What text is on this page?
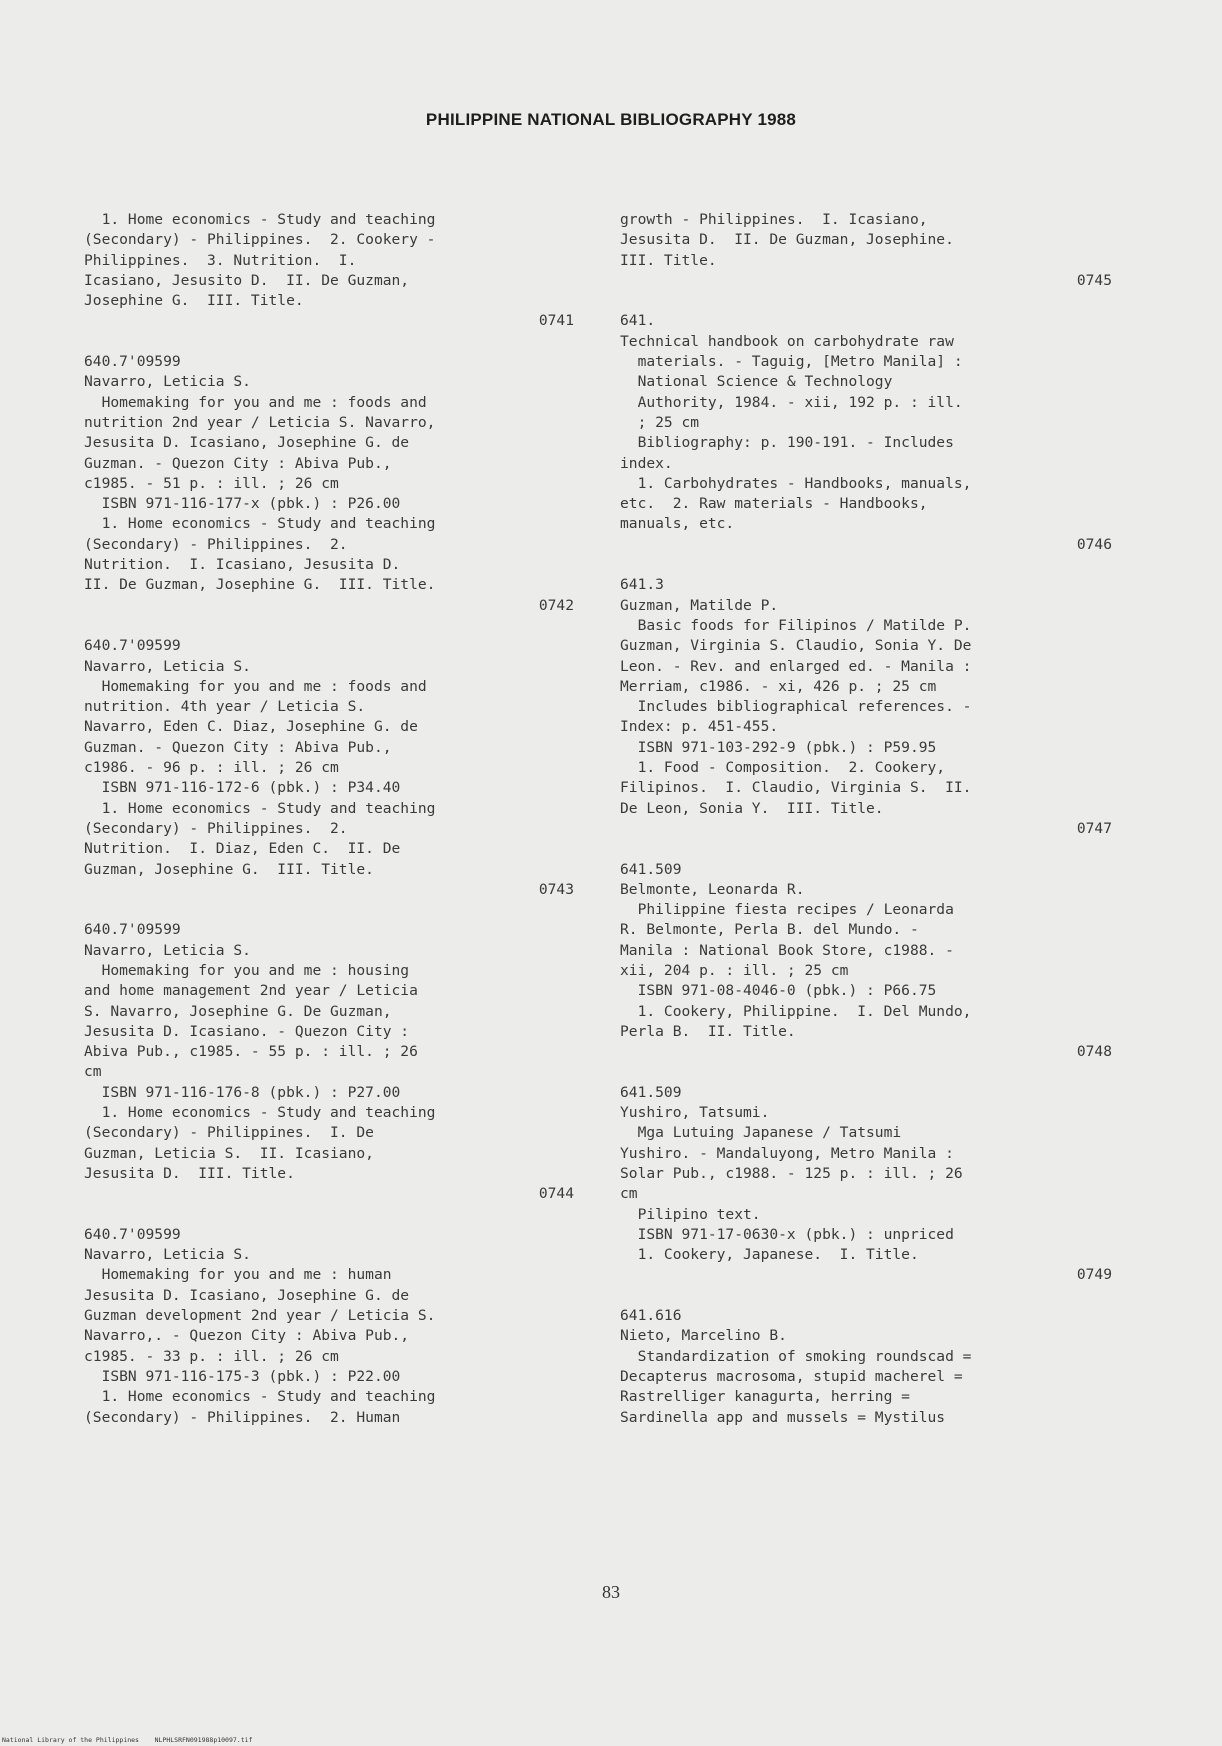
PHILIPPINE NATIONAL BIBLIOGRAPHY 1988
1. Home economics - Study and teaching
(Secondary) - Philippines.  2. Cookery -
Philippines.  3. Nutrition.  I.
Icasiano, Jesusito D.  II. De Guzman,
Josephine G.  III. Title.
0741
640.7'09599
Navarro, Leticia S.
Homemaking for you and me : foods and
nutrition 2nd year / Leticia S. Navarro,
Jesusita D. Icasiano, Josephine G. de
Guzman. - Quezon City : Abiva Pub.,
c1985. - 51 p. : ill. ; 26 cm
ISBN 971-116-177-x (pbk.) : P26.00
1. Home economics - Study and teaching
(Secondary) - Philippines.  2.
Nutrition.  I. Icasiano, Jesusita D.
II. De Guzman, Josephine G.  III. Title.
0742
640.7'09599
Navarro, Leticia S.
Homemaking for you and me : foods and
nutrition. 4th year / Leticia S.
Navarro, Eden C. Diaz, Josephine G. de
Guzman. - Quezon City : Abiva Pub.,
c1986. - 96 p. : ill. ; 26 cm
ISBN 971-116-172-6 (pbk.) : P34.40
1. Home economics - Study and teaching
(Secondary) - Philippines.  2.
Nutrition.  I. Diaz, Eden C.  II. De
Guzman, Josephine G.  III. Title.
0743
640.7'09599
Navarro, Leticia S.
Homemaking for you and me : housing
and home management 2nd year / Leticia
S. Navarro, Josephine G. De Guzman,
Jesusita D. Icasiano. - Quezon City :
Abiva Pub., c1985. - 55 p. : ill. ; 26
cm
ISBN 971-116-176-8 (pbk.) : P27.00
1. Home economics - Study and teaching
(Secondary) - Philippines.  I. De
Guzman, Leticia S.  II. Icasiano,
Jesusita D.  III. Title.
0744
640.7'09599
Navarro, Leticia S.
Homemaking for you and me : human
Jesusita D. Icasiano, Josephine G. de
Guzman development 2nd year / Leticia S.
Navarro,. - Quezon City : Abiva Pub.,
c1985. - 33 p. : ill. ; 26 cm
ISBN 971-116-175-3 (pbk.) : P22.00
1. Home economics - Study and teaching
(Secondary) - Philippines.  2. Human
growth - Philippines.  I. Icasiano,
Jesusita D.  II. De Guzman, Josephine.
III. Title.
0745
641.
Technical handbook on carbohydrate raw
materials. - Taguig, [Metro Manila] :
National Science & Technology
Authority, 1984. - xii, 192 p. : ill.
; 25 cm
Bibliography: p. 190-191. - Includes
index.
1. Carbohydrates - Handbooks, manuals,
etc.  2. Raw materials - Handbooks,
manuals, etc.
0746
641.3
Guzman, Matilde P.
Basic foods for Filipinos / Matilde P.
Guzman, Virginia S. Claudio, Sonia Y. De
Leon. - Rev. and enlarged ed. - Manila :
Merriam, c1986. - xi, 426 p. ; 25 cm
Includes bibliographical references. -
Index: p. 451-455.
ISBN 971-103-292-9 (pbk.) : P59.95
1. Food - Composition.  2. Cookery,
Filipinos.  I. Claudio, Virginia S.  II.
De Leon, Sonia Y.  III. Title.
0747
641.509
Belmonte, Leonarda R.
Philippine fiesta recipes / Leonarda
R. Belmonte, Perla B. del Mundo. -
Manila : National Book Store, c1988. -
xii, 204 p. : ill. ; 25 cm
ISBN 971-08-4046-0 (pbk.) : P66.75
1. Cookery, Philippine.  I. Del Mundo,
Perla B.  II. Title.
0748
641.509
Yushiro, Tatsumi.
Mga Lutuing Japanese / Tatsumi
Yushiro. - Mandaluyong, Metro Manila :
Solar Pub., c1988. - 125 p. : ill. ; 26
cm
Pilipino text.
ISBN 971-17-0630-x (pbk.) : unpriced
1. Cookery, Japanese.  I. Title.
0749
641.616
Nieto, Marcelino B.
Standardization of smoking roundscad =
Decapterus macrosoma, stupid macherel =
Rastrelliger kanagurta, herring =
Sardinella app and mussels = Mystilus
83
National Library of the Philippines    NLPHLSRFN091988p10097.tif
